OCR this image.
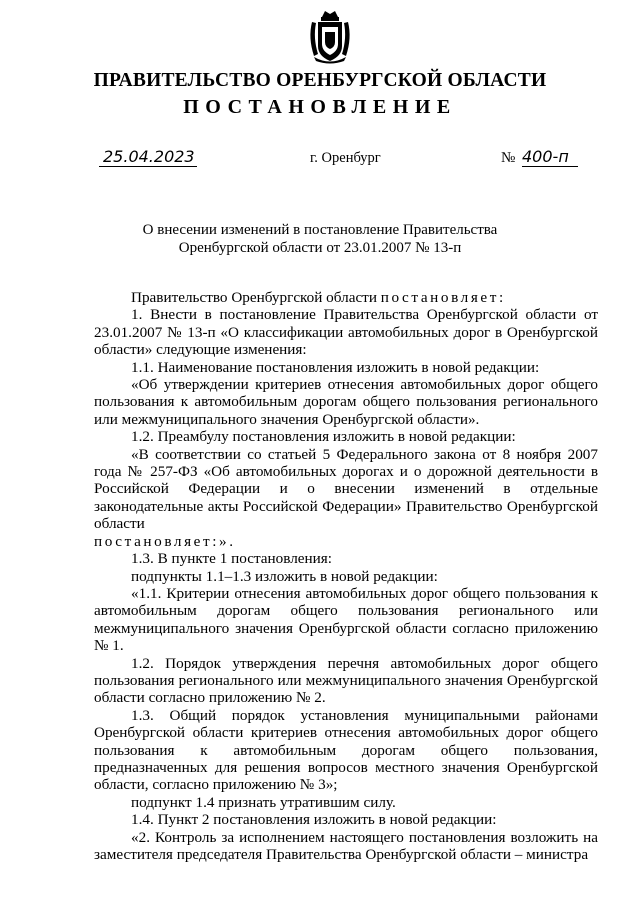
ПРАВИТЕЛЬСТВО ОРЕНБУРГСКОЙ ОБЛАСТИ
ПОСТАНОВЛЕНИЕ
25.04.2023	г. Оренбург	№ 400-п
О внесении изменений в постановление Правительства
Оренбургской области от 23.01.2007 № 13-п

Правительство Оренбургской области постановляет:

1. Внести в постановление Правительства Оренбургской области от 23.01.2007 № 13-п «О классификации автомобильных дорог в Оренбургской области» следующие изменения:

1.1. Наименование постановления изложить в новой редакции:

«Об утверждении критериев отнесения автомобильных дорог общего пользования к автомобильным дорогам общего пользования регионального или межмуниципального значения Оренбургской области».

1.2. Преамбулу постановления изложить в новой редакции:

«В соответствии со статьей 5 Федерального закона от 8 ноября 2007 года № 257-ФЗ «Об автомобильных дорогах и о дорожной деятельности в Российской Федерации и о внесении изменений в отдельные законодательные акты Российской Федерации» Правительство Оренбургской области

постановляет:».

1.3. В пункте 1 постановления:

подпункты 1.1–1.3 изложить в новой редакции:

«1.1. Критерии отнесения автомобильных дорог общего пользования к автомобильным дорогам общего пользования регионального или межмуниципального значения Оренбургской области согласно приложению № 1.

1.2. Порядок утверждения перечня автомобильных дорог общего пользования регионального или межмуниципального значения Оренбургской области согласно приложению № 2.

1.3. Общий порядок установления муниципальными районами Оренбургской области критериев отнесения автомобильных дорог общего пользования к автомобильным дорогам общего пользования, предназначенных для решения вопросов местного значения Оренбургской области, согласно приложению № 3»;

подпункт 1.4 признать утратившим силу.

1.4. Пункт 2 постановления изложить в новой редакции:

«2. Контроль за исполнением настоящего постановления возложить на заместителя председателя Правительства Оренбургской области – министра
